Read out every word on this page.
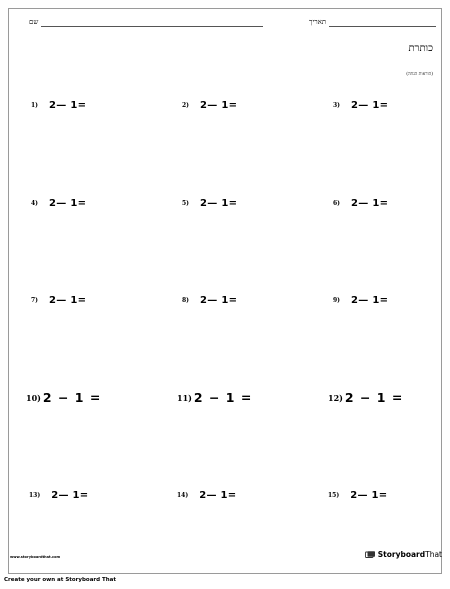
שם	תאריך
כותרת
(הוראות הנחה)
1) 2— 1=	2) 2— 1=	3) 2— 1=
4) 2— 1=	5) 2— 1=	6) 2— 1=
7) 2— 1=	8) 2— 1=	9) 2— 1=
10) 2 − 1 =	11) 2 − 1 =	12) 2 − 1 =
13) 2— 1=	14) 2— 1=	15) 2— 1=
www.storyboardthat.com	Storyboard That
Create your own at Storyboard That
